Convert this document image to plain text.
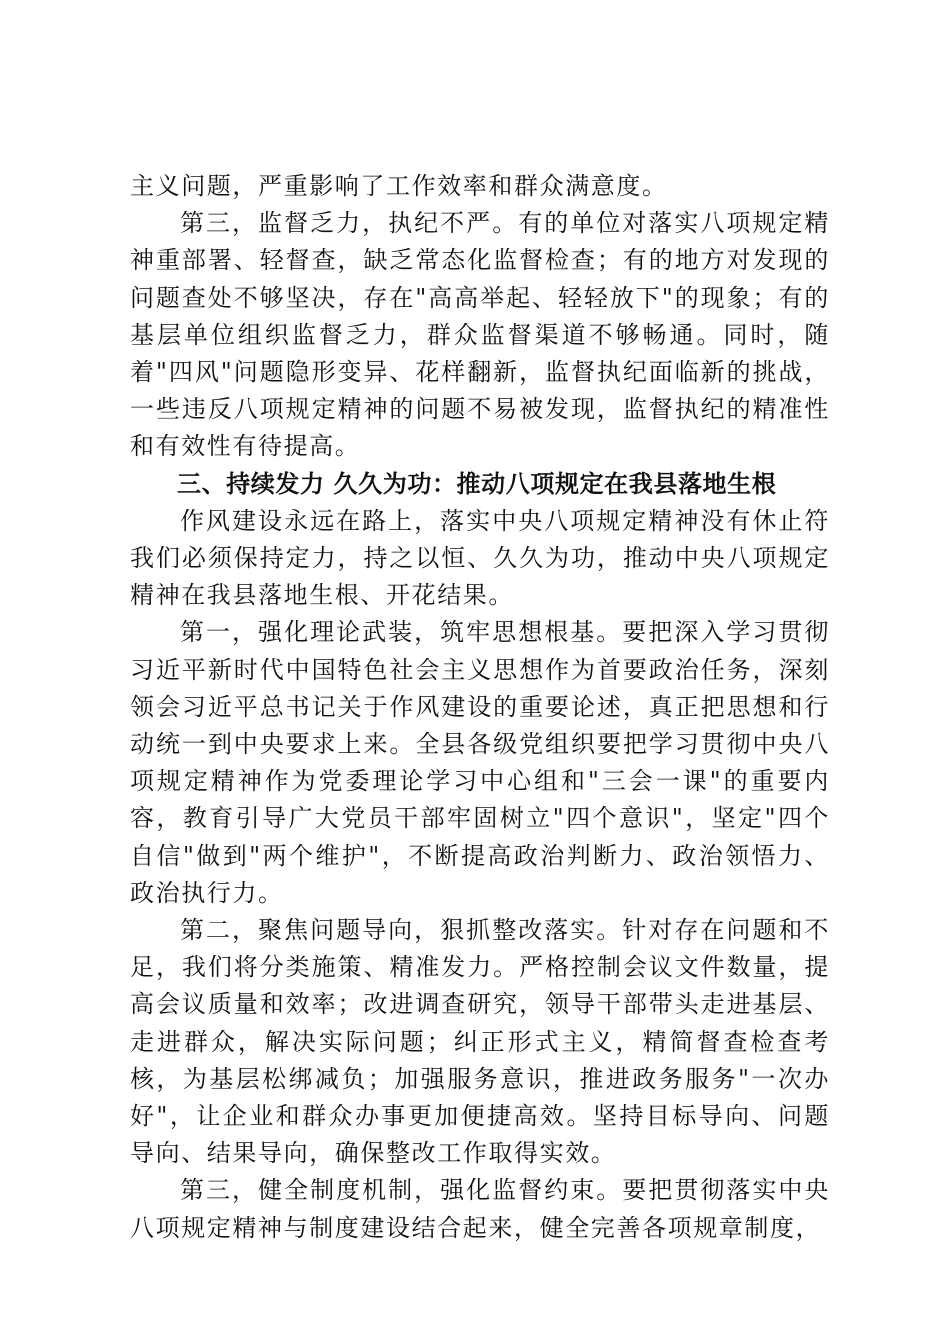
主义问题，严重影响了工作效率和群众满意度。

第三，监督乏力，执纪不严。有的单位对落实八项规定精神重部署、轻督查，缺乏常态化监督检查；有的地方对发现的问题查处不够坚决，存在"高高举起、轻轻放下"的现象；有的基层单位组织监督乏力，群众监督渠道不够畅通。同时，随着"四风"问题隐形变异、花样翻新，监督执纪面临新的挑战，一些违反八项规定精神的问题不易被发现，监督执纪的精准性和有效性有待提高。

三、持续发力 久久为功：推动八项规定在我县落地生根

作风建设永远在路上，落实中央八项规定精神没有休止符我们必须保持定力，持之以恒、久久为功，推动中央八项规定精神在我县落地生根、开花结果。

第一，强化理论武装，筑牢思想根基。要把深入学习贯彻习近平新时代中国特色社会主义思想作为首要政治任务，深刻领会习近平总书记关于作风建设的重要论述，真正把思想和行动统一到中央要求上来。全县各级党组织要把学习贯彻中央八项规定精神作为党委理论学习中心组和"三会一课"的重要内容，教育引导广大党员干部牢固树立"四个意识"，坚定"四个自信"做到"两个维护"，不断提高政治判断力、政治领悟力、政治执行力。

第二，聚焦问题导向，狠抓整改落实。针对存在问题和不足，我们将分类施策、精准发力。严格控制会议文件数量，提高会议质量和效率；改进调查研究，领导干部带头走进基层、走进群众，解决实际问题；纠正形式主义，精简督查检查考核，为基层松绑减负；加强服务意识，推进政务服务"一次办好"，让企业和群众办事更加便捷高效。坚持目标导向、问题导向、结果导向，确保整改工作取得实效。

第三，健全制度机制，强化监督约束。要把贯彻落实中央八项规定精神与制度建设结合起来，健全完善各项规章制度，
